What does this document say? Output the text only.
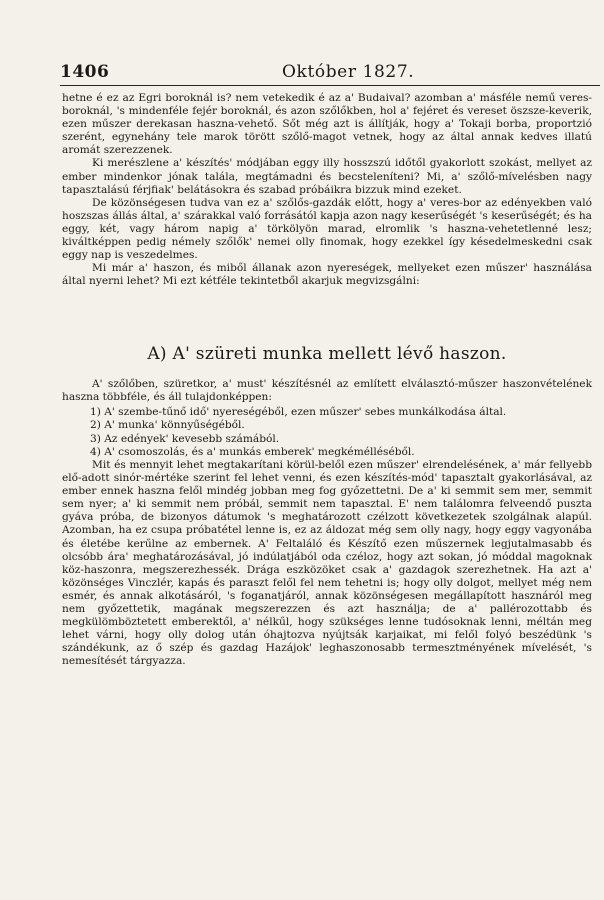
1406	Október 1827.

hetne é ez az Egri boroknál is? nem vetekedik é az a' Budaival? azomban a' másféle nemű veres-boroknál, 's mindenféle fejér boroknál, és azon szőlőkben, hol a' fejéret és vereset öszsze-keverik, ezen műszer derekasan haszna-vehető. Sőt még azt is állítják, hogy a' Tokaji borba, proportzió szerént, egynehány tele marok törött szőlő-magot vetnek, hogy az által annak kedves illatú aromát szerezzenek.

Ki merészlene a' készítés' módjában eggy illy hosszszú időtől gyakorlott szokást, mellyet az ember mindenkor jónak talála, megtámadni és becsteleníteni? Mi, a' szőlő-mívelésben nagy tapasztalású férjfiak' belátásokra és szabad próbáikra bizzuk mind ezeket.

De közönségesen tudva van ez a' szőlős-gazdák előtt, hogy a' veres-bor az edényekben való hoszszas állás által, a' szárakkal való forrásától kapja azon nagy keserűségét 's keserűségét; és ha eggy, két, vagy három napig a' törkölyön marad, elromlik 's haszna-vehetetlenné lesz; kiváltképpen pedig némely szőlők' nemei olly finomak, hogy ezekkel így késedelmeskedni csak eggy nap is veszedelmes.

Mi már a' haszon, és miből állanak azon nyereségek, mellyeket ezen műszer' használása által nyerni lehet? Mi ezt kétféle tekintetből akarjuk megvizsgálni:

A) A' szüreti munka mellett lévő haszon.

A' szőlőben, szüretkor, a' must' készítésnél az említett elválasztó-műszer haszonvételének haszna többféle, és áll tulajdonképpen:

1) A' szembe-tűnő idő' nyereségéből, ezen műszer' sebes munkálkodása által.
2) A' munka' könnyűségéből.
3) Az edények' kevesebb számából.
4) A' csomoszolás, és a' munkás emberek' megkémélléséből.

Mit és mennyit lehet megtakarítani körül-belől ezen műszer' elrendelésének, a' már fellyebb elő-adott sinór-mértéke szerint fel lehet venni, és ezen készítés-mód' tapasztalt gyakorlásával, az ember ennek haszna felől mindég jobban meg fog győzettetni. De a' ki semmit sem mer, semmit sem nyer; a' ki semmit nem próbál, semmit nem tapasztal. E' nem találomra felveendő puszta gyáva próba, de bizonyos dátumok 's meghatározott czélzott következetek szolgálnak alapúl. Azomban, ha ez csupa próbatétel lenne is, ez az áldozat még sem olly nagy, hogy eggy vagyonába és életébe kerűlne az embernek. A' Feltaláló és Készítő ezen műszernek legjutalmasabb és olcsóbb ára' meghatározásával, jó indúlatjából oda czéloz, hogy azt sokan, jó móddal magoknak köz-haszonra, megszerezhessék. Drága eszközöket csak a' gazdagok szerezhetnek. Ha azt a' közönséges Vinczlér, kapás és paraszt felől fel nem tehetni is; hogy olly dolgot, mellyet még nem esmér, és annak alkotásáról, 's foganatjáról, annak közönségesen megállapított hasznáról meg nem győzettetik, magának megszerezzen és azt használja; de a' pallérozottabb és megkülömböztetett emberektől, a' nélkűl, hogy szükséges lenne tudósoknak lenni, méltán meg lehet várni, hogy olly dolog után óhajtozva nyújtsák karjaikat, mi felől folyó beszédünk 's szándékunk, az ő szép és gazdag Hazájok' leghaszonosabb termesztményének mívelését, 's nemesítését tárgyazza.
